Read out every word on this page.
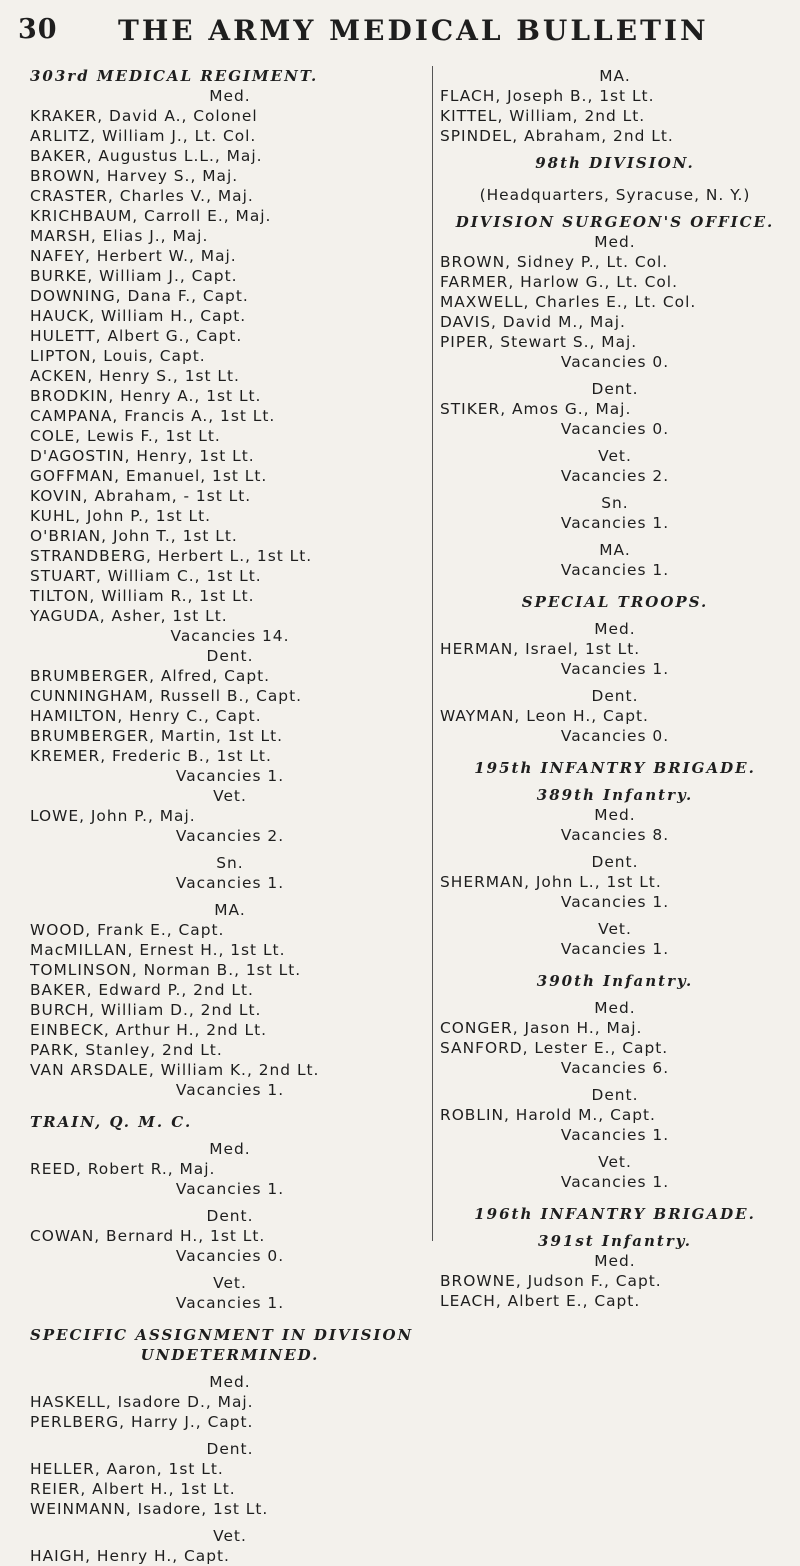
30 THE ARMY MEDICAL BULLETIN
303rd MEDICAL REGIMENT.
Med.
KRAKER, David A., Colonel
ARLITZ, William J., Lt. Col.
BAKER, Augustus L.L., Maj.
BROWN, Harvey S., Maj.
CRASTER, Charles V., Maj.
KRICHBAUM, Carroll E., Maj.
MARSH, Elias J., Maj.
NAFEY, Herbert W., Maj.
BURKE, William J., Capt.
DOWNING, Dana F., Capt.
HAUCK, William H., Capt.
HULETT, Albert G., Capt.
LIPTON, Louis, Capt.
ACKEN, Henry S., 1st Lt.
BRODKIN, Henry A., 1st Lt.
CAMPANA, Francis A., 1st Lt.
COLE, Lewis F., 1st Lt.
D'AGOSTIN, Henry, 1st Lt.
GOFFMAN, Emanuel, 1st Lt.
KOVIN, Abraham, - 1st Lt.
KUHL, John P., 1st Lt.
O'BRIAN, John T., 1st Lt.
STRANDBERG, Herbert L., 1st Lt.
STUART, William C., 1st Lt.
TILTON, William R., 1st Lt.
YAGUDA, Asher, 1st Lt.
Vacancies 14.
Dent.
BRUMBERGER, Alfred, Capt.
CUNNINGHAM, Russell B., Capt.
HAMILTON, Henry C., Capt.
BRUMBERGER, Martin, 1st Lt.
KREMER, Frederic B., 1st Lt.
Vacancies 1.
Vet.
LOWE, John P., Maj.
Vacancies 2.
Sn.
Vacancies 1.
MA.
WOOD, Frank E., Capt.
MacMILLAN, Ernest H., 1st Lt.
TOMLINSON, Norman B., 1st Lt.
BAKER, Edward P., 2nd Lt.
BURCH, William D., 2nd Lt.
EINBECK, Arthur H., 2nd Lt.
PARK, Stanley, 2nd Lt.
VAN ARSDALE, William K., 2nd Lt.
Vacancies 1.
TRAIN, Q. M. C.
Med.
REED, Robert R., Maj.
Vacancies 1.
Dent.
COWAN, Bernard H., 1st Lt.
Vacancies 0.
Vet.
Vacancies 1.
SPECIFIC ASSIGNMENT IN DIVISION
UNDETERMINED.
Med.
HASKELL, Isadore D., Maj.
PERLBERG, Harry J., Capt.
Dent.
HELLER, Aaron, 1st Lt.
REIER, Albert H., 1st Lt.
WEINMANN, Isadore, 1st Lt.
Vet.
HAIGH, Henry H., Capt.
MA.
FLACH, Joseph B., 1st Lt.
KITTEL, William, 2nd Lt.
SPINDEL, Abraham, 2nd Lt.
98th DIVISION.
(Headquarters, Syracuse, N. Y.)
DIVISION SURGEON'S OFFICE.
Med.
BROWN, Sidney P., Lt. Col.
FARMER, Harlow G., Lt. Col.
MAXWELL, Charles E., Lt. Col.
DAVIS, David M., Maj.
PIPER, Stewart S., Maj.
Vacancies 0.
Dent.
STIKER, Amos G., Maj.
Vacancies 0.
Vet.
Vacancies 2.
Sn.
Vacancies 1.
MA.
Vacancies 1.
SPECIAL TROOPS.
Med.
HERMAN, Israel, 1st Lt.
Vacancies 1.
Dent.
WAYMAN, Leon H., Capt.
Vacancies 0.
195th INFANTRY BRIGADE.
389th Infantry.
Med.
Vacancies 8.
Dent.
SHERMAN, John L., 1st Lt.
Vacancies 1.
Vet.
Vacancies 1.
390th Infantry.
Med.
CONGER, Jason H., Maj.
SANFORD, Lester E., Capt.
Vacancies 6.
Dent.
ROBLIN, Harold M., Capt.
Vacancies 1.
Vet.
Vacancies 1.
196th INFANTRY BRIGADE.
391st Infantry.
Med.
BROWNE, Judson F., Capt.
LEACH, Albert E., Capt.
